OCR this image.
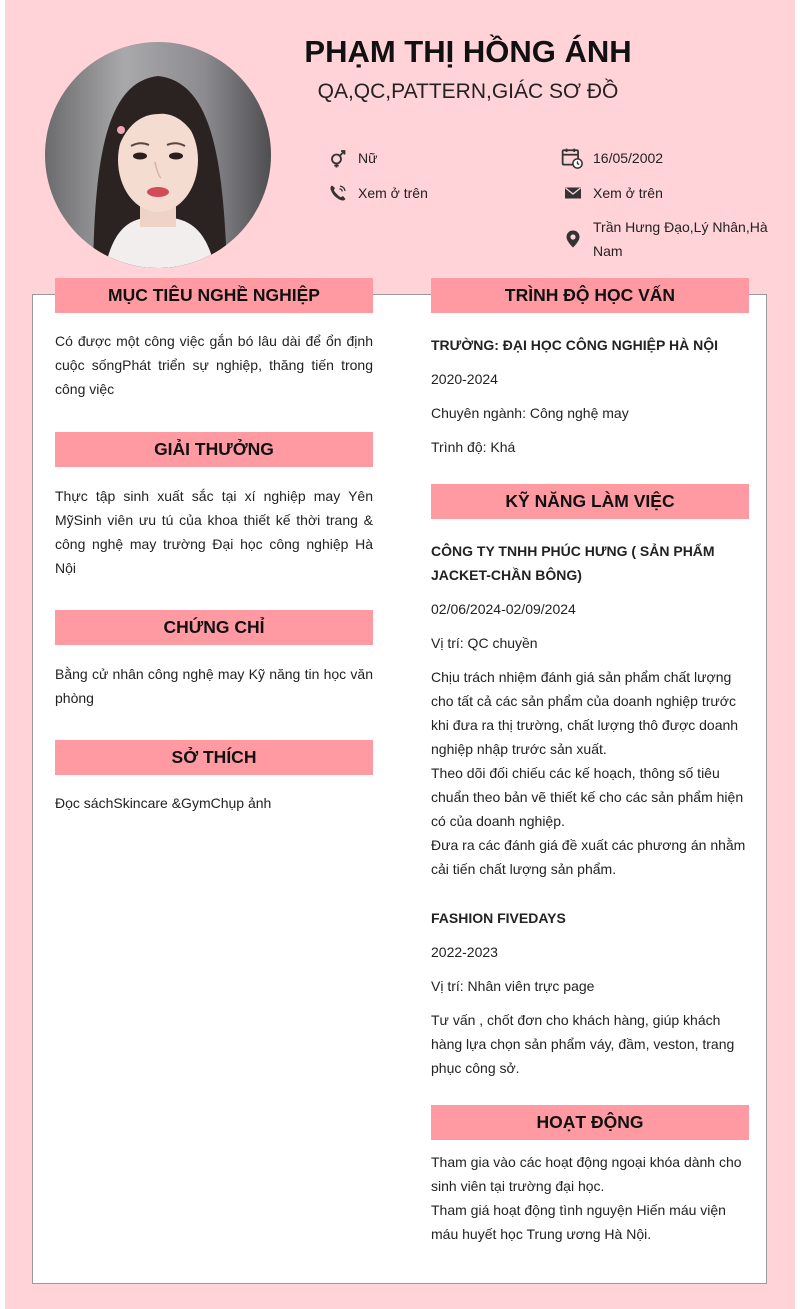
PHẠM THỊ HỒNG ÁNH
QA,QC,PATTERN,GIÁC SƠ ĐỒ
Nữ	16/05/2002
Xem ở trên	Xem ở trên
Trần Hưng Đạo,Lý Nhân,Hà Nam
MỤC TIÊU NGHỀ NGHIỆP
Có được một công việc gắn bó lâu dài để ổn định cuộc sốngPhát triển sự nghiệp, thăng tiến trong công việc
GIẢI THƯỞNG
Thực tập sinh xuất sắc tại xí nghiệp may Yên MỹSinh viên ưu tú của khoa thiết kế thời trang & công nghệ may trường Đại học công nghiệp Hà Nội
CHỨNG CHỈ
Bằng cử nhân công nghệ may Kỹ năng tin học văn phòng
SỞ THÍCH
Đọc sáchSkincare &GymChụp ảnh
TRÌNH ĐỘ HỌC VẤN
TRƯỜNG: ĐẠI HỌC CÔNG NGHIỆP HÀ NỘI
2020-2024
Chuyên ngành: Công nghệ may
Trình độ: Khá
KỸ NĂNG LÀM VIỆC
CÔNG TY TNHH PHÚC HƯNG ( SẢN PHẨM JACKET-CHẦN BÔNG)
02/06/2024-02/09/2024
Vị trí: QC chuyền
Chịu trách nhiệm đánh giá sản phẩm chất lượng cho tất cả các sản phẩm của doanh nghiệp trước khi đưa ra thị trường, chất lượng thô được doanh nghiệp nhập trước sản xuất.
Theo dõi đối chiếu các kế hoạch, thông số tiêu chuẩn theo bản vẽ thiết kế cho các sản phẩm hiện có của doanh nghiệp.
Đưa ra các đánh giá đề xuất các phương án nhằm cải tiến chất lượng sản phẩm.
FASHION FIVEDAYS
2022-2023
Vị trí: Nhân viên trực page
Tư vấn , chốt đơn cho khách hàng, giúp khách hàng lựa chọn sản phẩm váy, đầm, veston, trang phục công sở.
HOẠT ĐỘNG
Tham gia vào các hoạt động ngoại khóa dành cho sinh viên tại trường đại học.
Tham giá hoạt động tình nguyện Hiến máu viện máu huyết học Trung ương Hà Nội.
